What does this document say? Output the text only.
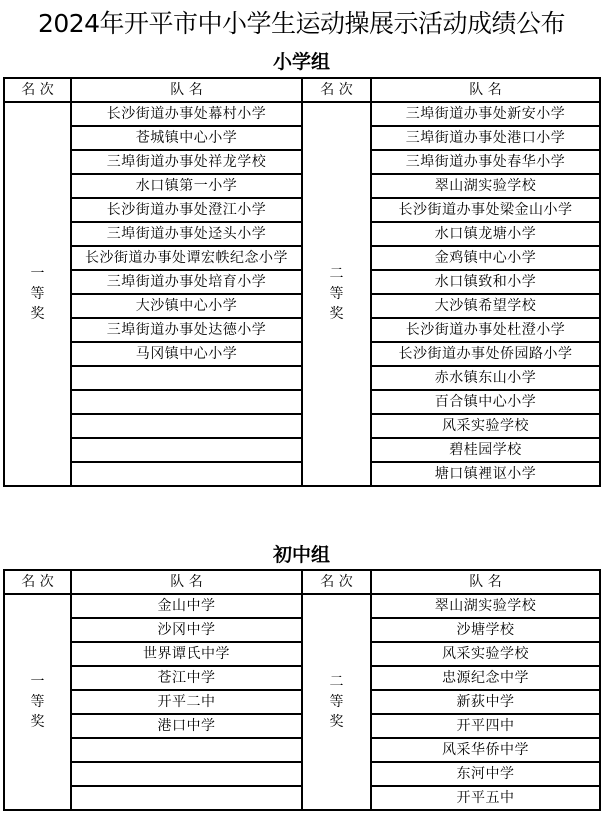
2024年开平市中小学生运动操展示活动成绩公布
小学组
名 次	队 名	名 次	队 名
一等奖	长沙街道办事处幕村小学	二等奖	三埠街道办事处新安小学
	苍城镇中心小学		三埠街道办事处港口小学
	三埠街道办事处祥龙学校		三埠街道办事处春华小学
	水口镇第一小学		翠山湖实验学校
	长沙街道办事处澄江小学		长沙街道办事处梁金山小学
	三埠街道办事处迳头小学		水口镇龙塘小学
	长沙街道办事处谭宏帙纪念小学		金鸡镇中心小学
	三埠街道办事处培育小学		水口镇致和小学
	大沙镇中心小学		大沙镇希望学校
	三埠街道办事处达德小学		长沙街道办事处杜澄小学
	马冈镇中心小学		长沙街道办事处侨园路小学
			赤水镇东山小学
			百合镇中心小学
			风采实验学校
			碧桂园学校
			塘口镇裡讴小学
初中组
名 次	队 名	名 次	队 名
一等奖	金山中学	二等奖	翠山湖实验学校
	沙冈中学		沙塘学校
	世界谭氏中学		风采实验学校
	苍江中学		忠源纪念中学
	开平二中		新荻中学
	港口中学		开平四中
			风采华侨中学
			东河中学
			开平五中
